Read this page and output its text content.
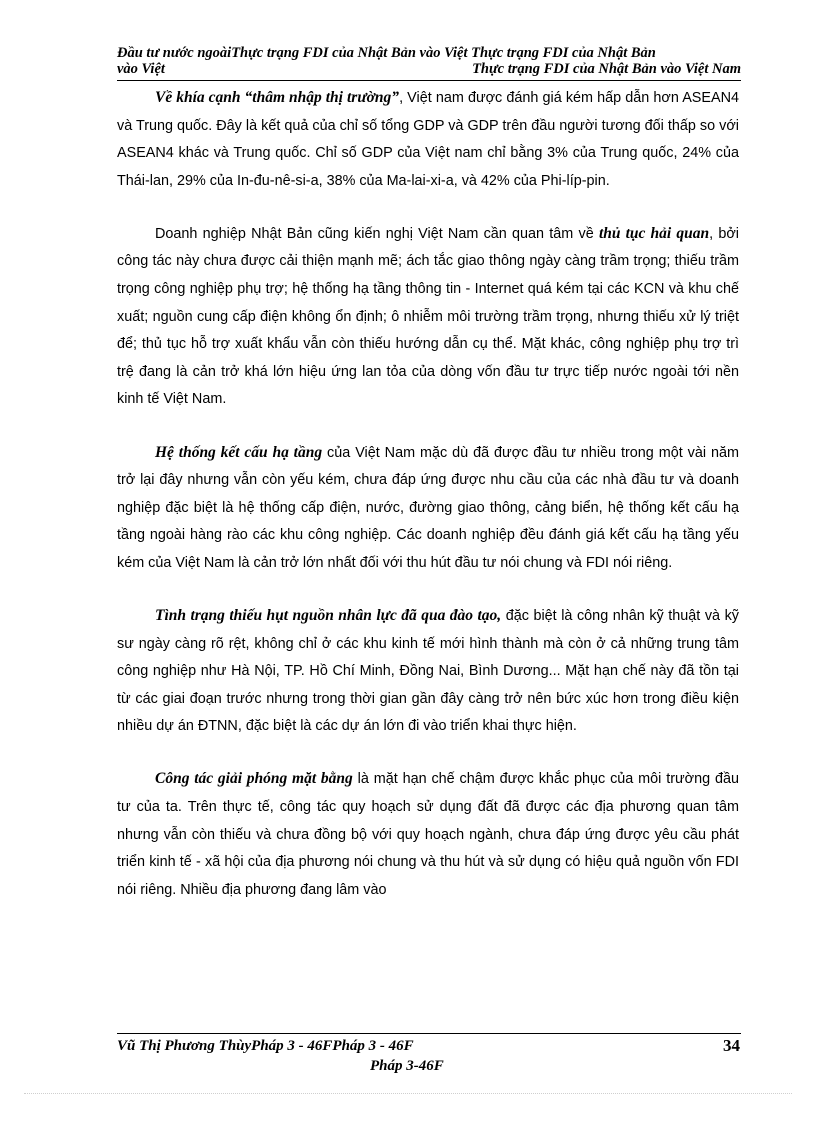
Đầu tư nước ngoàiThực trạng FDI của Nhật Bản vào Việt Thực trạng FDI của Nhật Bản
vào Việt	Thực trạng FDI của Nhật Bản vào Việt Nam

Về khía cạnh “thâm nhập thị trường”, Việt nam được đánh giá kém hấp dẫn hơn ASEAN4 và Trung quốc. Đây là kết quả của chỉ số tổng GDP và GDP trên đầu người tương đối thấp so với ASEAN4 khác và Trung quốc. Chỉ số GDP của Việt nam chỉ bằng 3% của Trung quốc, 24% của Thái-lan, 29% của In-đu-nê-si-a, 38% của Ma-lai-xi-a, và 42% của Phi-líp-pin.

Doanh nghiệp Nhật Bản cũng kiến nghị Việt Nam cần quan tâm về thủ tục hải quan, bởi công tác này chưa được cải thiện mạnh mẽ; ách tắc giao thông ngày càng trầm trọng; thiếu trầm trọng công nghiệp phụ trợ; hệ thống hạ tầng thông tin - Internet quá kém tại các KCN và khu chế xuất; nguồn cung cấp điện không ổn định; ô nhiễm môi trường trầm trọng, nhưng thiếu xử lý triệt để; thủ tục hỗ trợ xuất khẩu vẫn còn thiếu hướng dẫn cụ thể. Mặt khác, công nghiệp phụ trợ trì trệ đang là cản trở khá lớn hiệu ứng lan tỏa của dòng vốn đầu tư trực tiếp nước ngoài tới nền kinh tế Việt Nam.

Hệ thống kết cấu hạ tầng của Việt Nam mặc dù đã được đầu tư nhiều trong một vài năm trở lại đây nhưng vẫn còn yếu kém, chưa đáp ứng được nhu cầu của các nhà đầu tư và doanh nghiệp đặc biệt là hệ thống cấp điện, nước, đường giao thông, cảng biển, hệ thống kết cấu hạ tầng ngoài hàng rào các khu công nghiệp. Các doanh nghiệp đều đánh giá kết cấu hạ tầng yếu kém của Việt Nam là cản trở lớn nhất đối với thu hút đầu tư nói chung và FDI nói riêng.

Tình trạng thiếu hụt nguồn nhân lực đã qua đào tạo, đặc biệt là công nhân kỹ thuật và kỹ sư ngày càng rõ rệt, không chỉ ở các khu kinh tế mới hình thành mà còn ở cả những trung tâm công nghiệp như Hà Nội, TP. Hồ Chí Minh, Đồng Nai, Bình Dương... Mặt hạn chế này đã tồn tại từ các giai đoạn trước nhưng trong thời gian gần đây càng trở nên bức xúc hơn trong điều kiện nhiều dự án ĐTNN, đặc biệt là các dự án lớn đi vào triển khai thực hiện.

Công tác giải phóng mặt bằng là mặt hạn chế chậm được khắc phục của môi trường đầu tư của ta. Trên thực tế, công tác quy hoạch sử dụng đất đã được các địa phương quan tâm nhưng vẫn còn thiếu và chưa đồng bộ với quy hoạch ngành, chưa đáp ứng được yêu cầu phát triển kinh tế - xã hội của địa phương nói chung và thu hút và sử dụng có hiệu quả nguồn vốn FDI nói riêng. Nhiều địa phương đang lâm vào

Vũ Thị Phương ThùyPháp 3 - 46FPháp 3 - 46F
Pháp 3-46F
34
